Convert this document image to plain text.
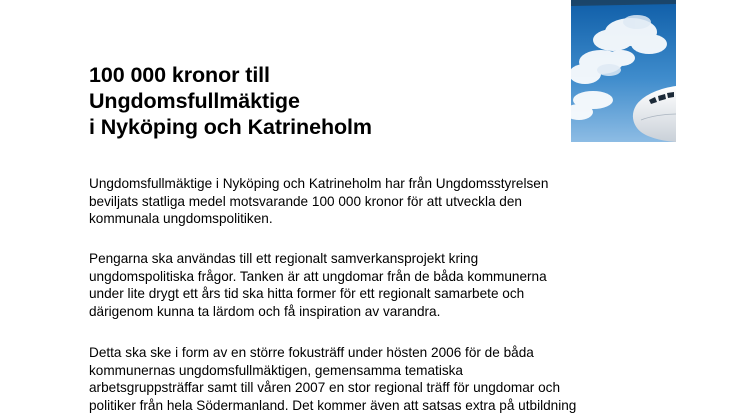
100 000 kronor till
Ungdomsfullmäktige
i Nyköping och Katrineholm

Ungdomsfullmäktige i Nyköping och Katrineholm har från Ungdomsstyrelsen
beviljats statliga medel motsvarande 100 000 kronor för att utveckla den
kommunala ungdomspolitiken.

Pengarna ska användas till ett regionalt samverkansprojekt kring
ungdomspolitiska frågor. Tanken är att ungdomar från de båda kommunerna
under lite drygt ett års tid ska hitta former för ett regionalt samarbete och
därigenom kunna ta lärdom och få inspiration av varandra.

Detta ska ske i form av en större fokusträff under hösten 2006 för de båda
kommunernas ungdomsfullmäktigen, gemensamma tematiska
arbetsgruppsträffar samt till våren 2007 en stor regional träff för ungdomar och
politiker från hela Södermanland. Det kommer även att satsas extra på utbildning
